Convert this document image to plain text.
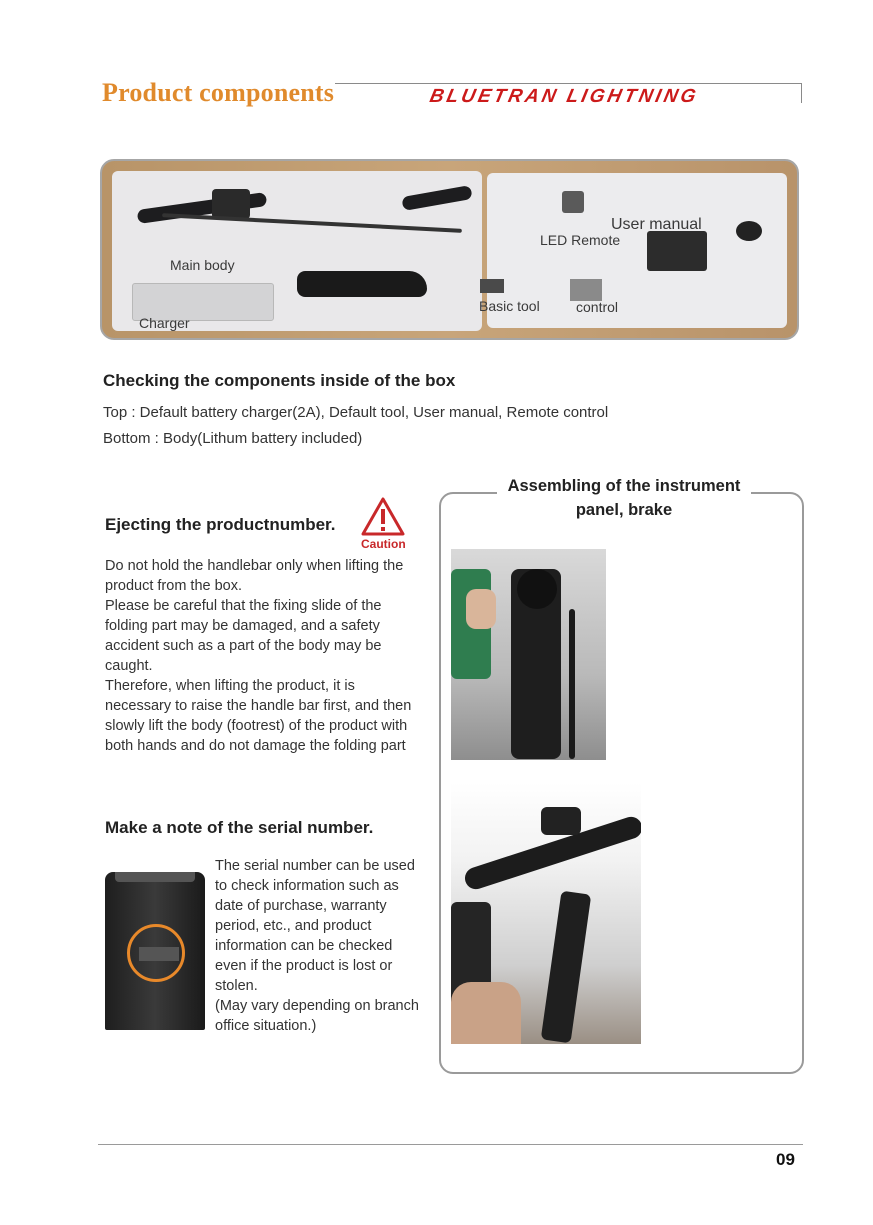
Product components	BLUETRAN LIGHTNING
User manual
LED Remote
Main body
Basic tool	control
Charger
Checking the components inside of the box
Top : Default battery charger(2A), Default tool, User manual, Remote control
Bottom : Body(Lithum battery included)
Ejecting the productnumber.
Caution
Do not hold the handlebar only when lifting the
product from the box.
Please be careful that the fixing slide of the
folding part may be damaged, and a safety
accident such as a part of the body may be
caught.
Therefore, when lifting the product, it is
necessary to raise the handle bar first, and then
slowly lift the body (footrest) of the product with
both hands and do not damage the folding part
Make a note of the serial number.
The serial number can be used
to check information such as
date of purchase, warranty
period, etc., and product
information can be checked
even if the product is lost or
stolen.
(May vary depending on branch
office situation.)
Assembling of the instrument
panel, brake
09
